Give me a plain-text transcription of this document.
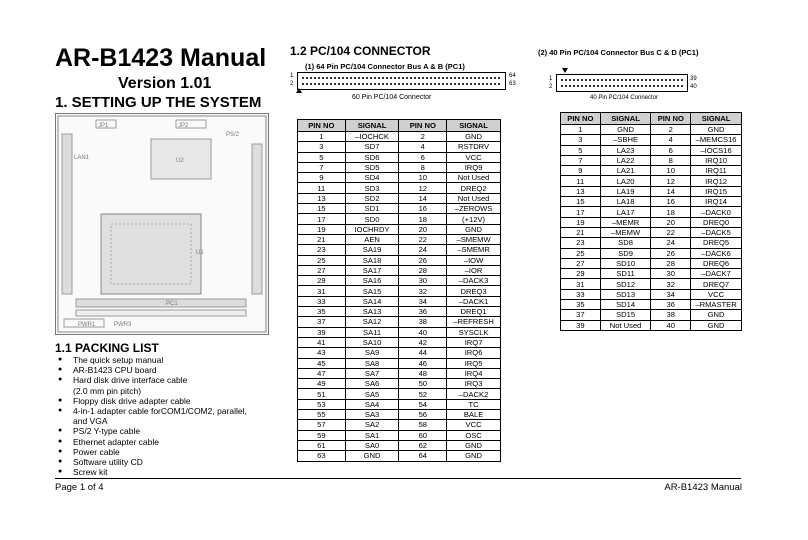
AR-B1423 Manual
Version 1.01
1. SETTING UP THE SYSTEM
PWR1	PWR3
JP1	JP2
U1
U2
PC1
LAN1
PS/2
1.1 PACKING LIST
● The quick setup manual
● AR-B1423 CPU board
● Hard disk drive interface cable
(2.0 mm pin pitch)
● Floppy disk drive adapter cable
● 4-in-1 adapter cable forCOM1/COM2, parallel,
and VGA
● PS/2 Y-type cable
● Ethernet adapter cable
● Power cable
● Software utility CD
● Screw kit
1.2 PC/104 CONNECTOR
(1) 64 Pin PC/104 Connector Bus A & B (PC1)
1
2
64
63
60 Pin PC/104 Connector
(2) 40 Pin PC/104 Connector Bus C & D (PC1)
1
2
39
40
40 Pin PC/104 Connector
PIN NO	SIGNAL	PIN NO	SIGNAL
1	–IOCHCK	2	GND
3	SD7	4	RSTDRV
5	SD6	6	VCC
7	SD5	8	IRQ9
9	SD4	10	Not Used
11	SD3	12	DREQ2
13	SD2	14	Not Used
15	SD1	16	–ZEROWS
17	SD0	18	(+12V)
19	IOCHRDY	20	GND
21	AEN	22	–SMEMW
23	SA19	24	–SMEMR
25	SA18	26	–IOW
27	SA17	28	–IOR
29	SA16	30	–DACK3
31	SA15	32	DREQ3
33	SA14	34	–DACK1
35	SA13	36	DREQ1
37	SA12	38	–REFRESH
39	SA11	40	SYSCLK
41	SA10	42	IRQ7
43	SA9	44	IRQ6
45	SA8	46	IRQ5
47	SA7	48	IRQ4
49	SA6	50	IRQ3
51	SA5	52	–DACK2
53	SA4	54	TC
55	SA3	56	BALE
57	SA2	58	VCC
59	SA1	60	OSC
61	SA0	62	GND
63	GND	64	GND
PIN NO	SIGNAL	PIN NO	SIGNAL
1	GND	2	GND
3	–SBHE	4	–MEMCS16
5	LA23	6	–IOCS16
7	LA22	8	IRQ10
9	LA21	10	IRQ11
11	LA20	12	IRQ12
13	LA19	14	IRQ15
15	LA18	16	IRQ14
17	LA17	18	–DACK0
19	–MEMR	20	DREQ0
21	–MEMW	22	–DACK5
23	SD8	24	DREQ5
25	SD9	26	–DACK6
27	SD10	28	DREQ6
29	SD11	30	–DACK7
31	SD12	32	DREQ7
33	SD13	34	VCC
35	SD14	36	–RMASTER
37	SD15	38	GND
39	Not Used	40	GND
Page 1 of 4	AR-B1423 Manual
